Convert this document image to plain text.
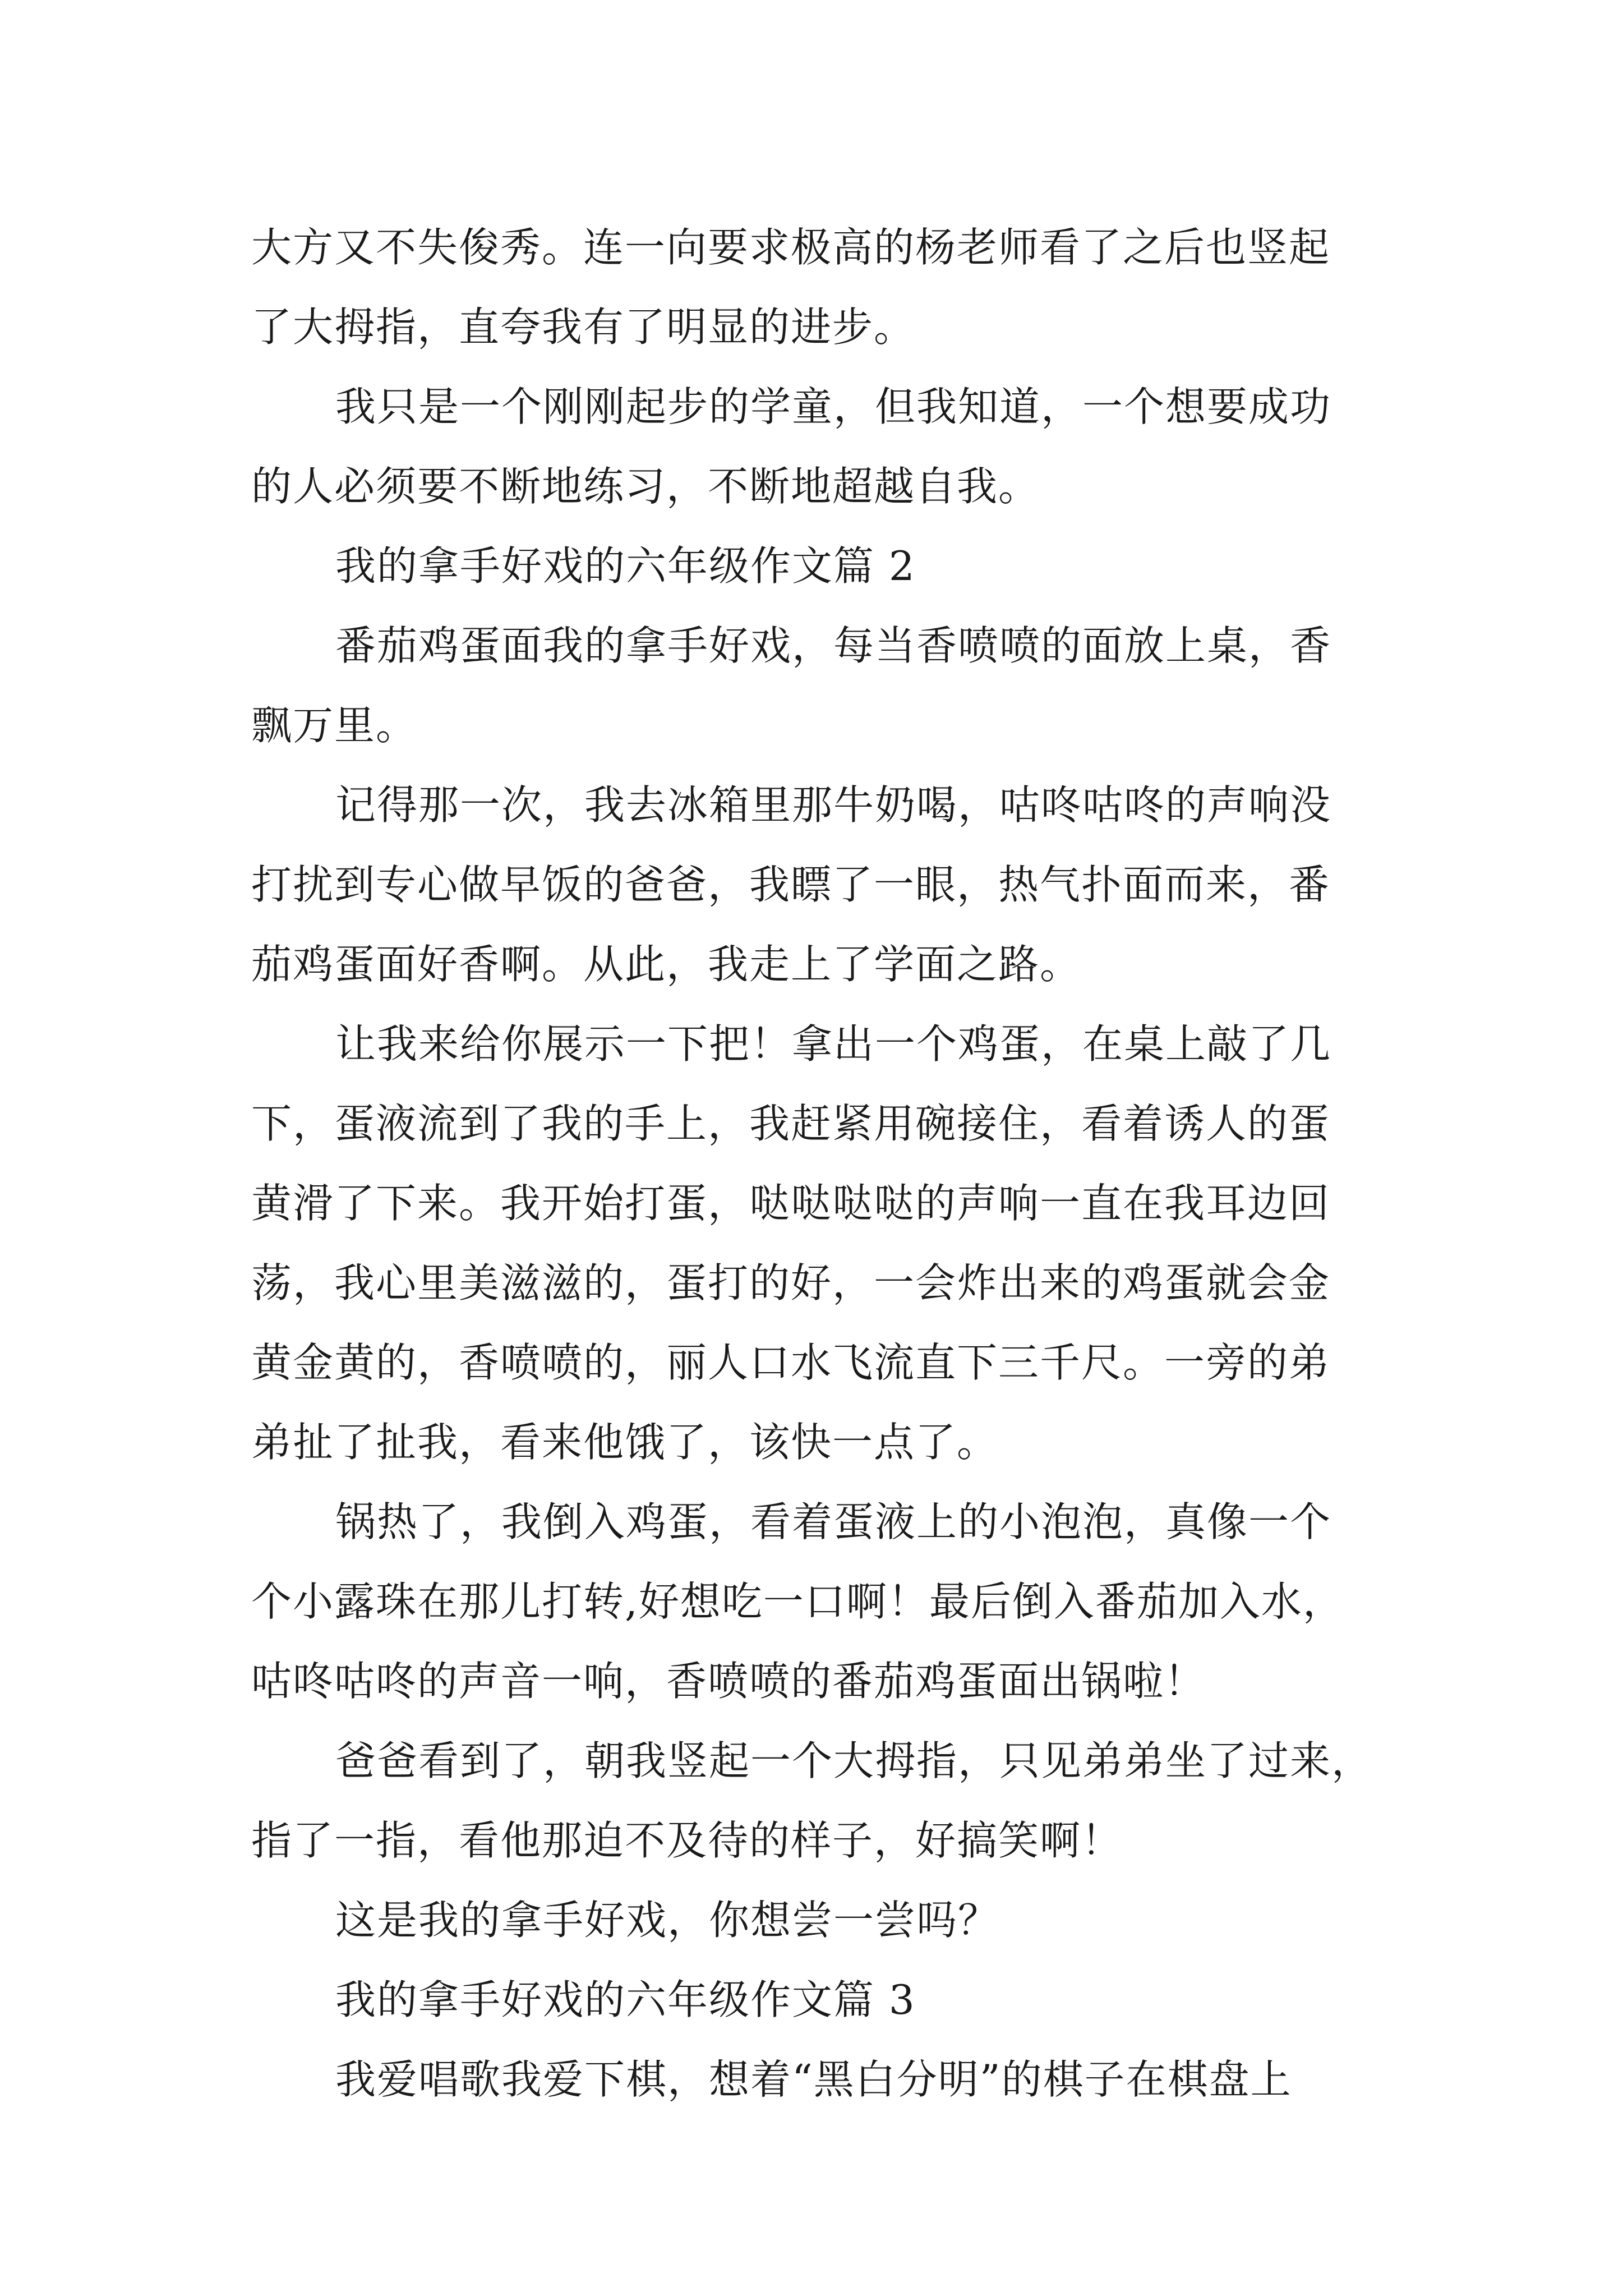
大方又不失俊秀。连一向要求极高的杨老师看了之后也竖起
了大拇指，直夸我有了明显的进步。
我只是一个刚刚起步的学童，但我知道，一个想要成功
的人必须要不断地练习，不断地超越自我。
我的拿手好戏的六年级作文篇 2
番茄鸡蛋面我的拿手好戏，每当香喷喷的面放上桌，香
飘万里。
记得那一次，我去冰箱里那牛奶喝，咕咚咕咚的声响没
打扰到专心做早饭的爸爸，我瞟了一眼，热气扑面而来，番
茄鸡蛋面好香啊。从此，我走上了学面之路。
让我来给你展示一下把！拿出一个鸡蛋，在桌上敲了几
下，蛋液流到了我的手上，我赶紧用碗接住，看着诱人的蛋
黄滑了下来。我开始打蛋，哒哒哒哒的声响一直在我耳边回
荡，我心里美滋滋的，蛋打的好，一会炸出来的鸡蛋就会金
黄金黄的，香喷喷的，丽人口水飞流直下三千尺。一旁的弟
弟扯了扯我，看来他饿了，该快一点了。
锅热了，我倒入鸡蛋，看着蛋液上的小泡泡，真像一个
个小露珠在那儿打转,好想吃一口啊！最后倒入番茄加入水，
咕咚咕咚的声音一响，香喷喷的番茄鸡蛋面出锅啦！
爸爸看到了，朝我竖起一个大拇指，只见弟弟坐了过来，
指了一指，看他那迫不及待的样子，好搞笑啊！
这是我的拿手好戏，你想尝一尝吗？
我的拿手好戏的六年级作文篇 3
我爱唱歌我爱下棋，想着“黑白分明”的棋子在棋盘上
